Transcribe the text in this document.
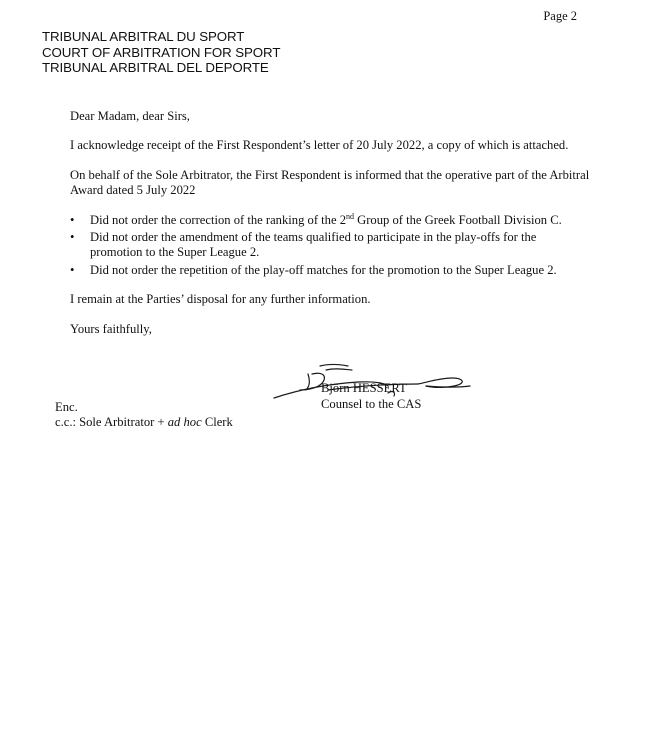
Page 2
TRIBUNAL ARBITRAL DU SPORT
COURT OF ARBITRATION FOR SPORT
TRIBUNAL ARBITRAL DEL DEPORTE

Dear Madam, dear Sirs,

I acknowledge receipt of the First Respondent’s letter of 20 July 2022, a copy of which is attached.

On behalf of the Sole Arbitrator, the First Respondent is informed that the operative part of the Arbitral Award dated 5 July 2022

• Did not order the correction of the ranking of the 2nd Group of the Greek Football Division C.
• Did not order the amendment of the teams qualified to participate in the play-offs for the promotion to the Super League 2.
• Did not order the repetition of the play-off matches for the promotion to the Super League 2.

I remain at the Parties’ disposal for any further information.

Yours faithfully,

Björn HESSERT
Counsel to the CAS

Enc.

c.c.: Sole Arbitrator + ad hoc Clerk
